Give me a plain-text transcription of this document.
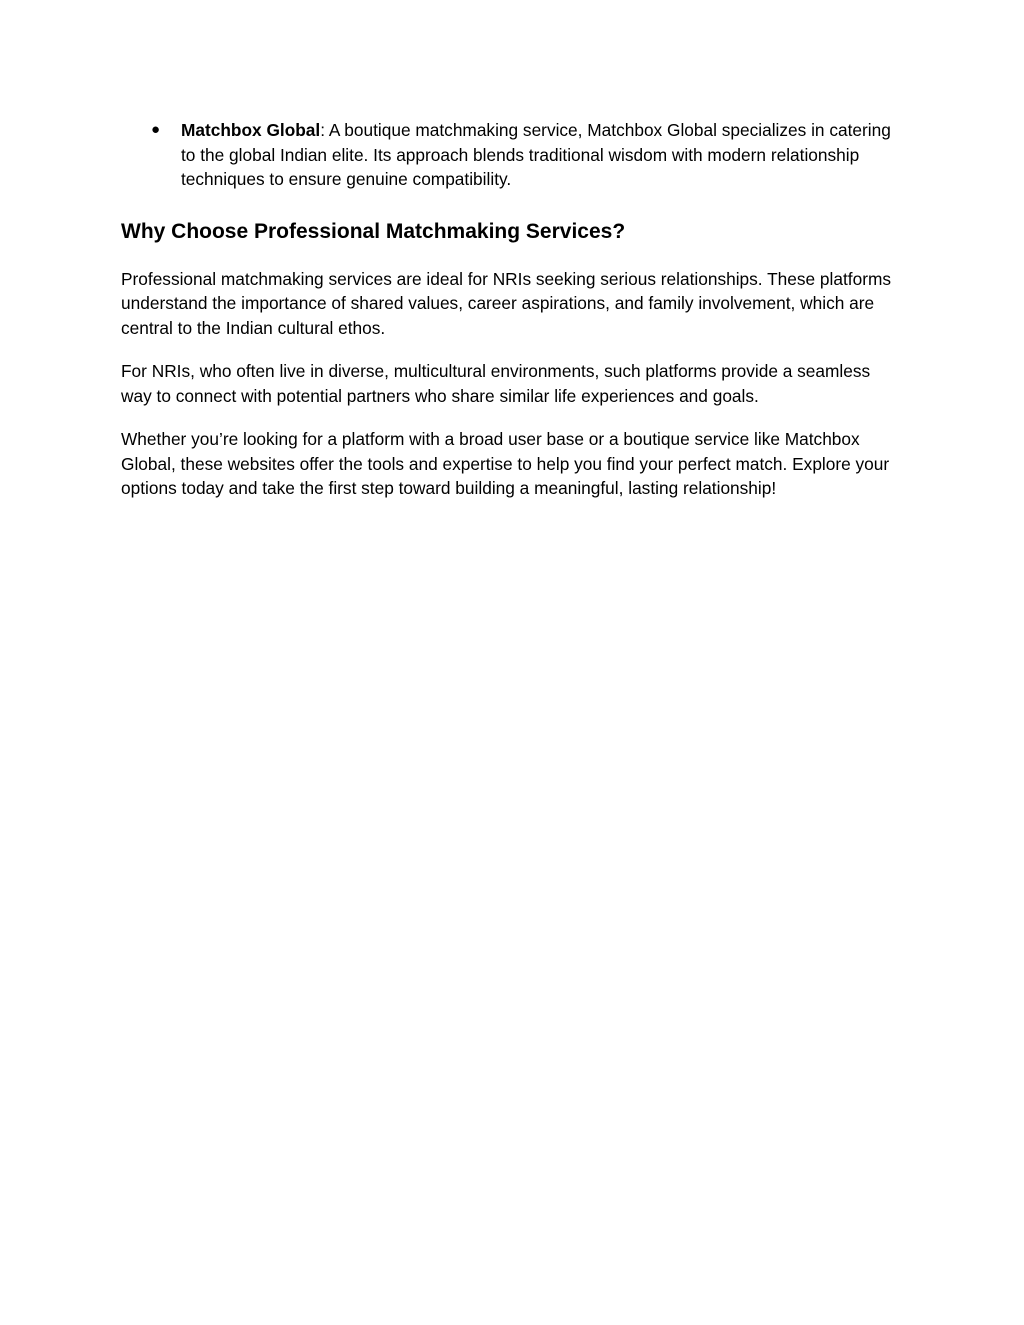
● Matchbox Global: A boutique matchmaking service, Matchbox Global specializes in catering to the global Indian elite. Its approach blends traditional wisdom with modern relationship techniques to ensure genuine compatibility.
Why Choose Professional Matchmaking Services?

Professional matchmaking services are ideal for NRIs seeking serious relationships. These platforms understand the importance of shared values, career aspirations, and family involvement, which are central to the Indian cultural ethos.

For NRIs, who often live in diverse, multicultural environments, such platforms provide a seamless way to connect with potential partners who share similar life experiences and goals.

Whether you’re looking for a platform with a broad user base or a boutique service like Matchbox Global, these websites offer the tools and expertise to help you find your perfect match. Explore your options today and take the first step toward building a meaningful, lasting relationship!
